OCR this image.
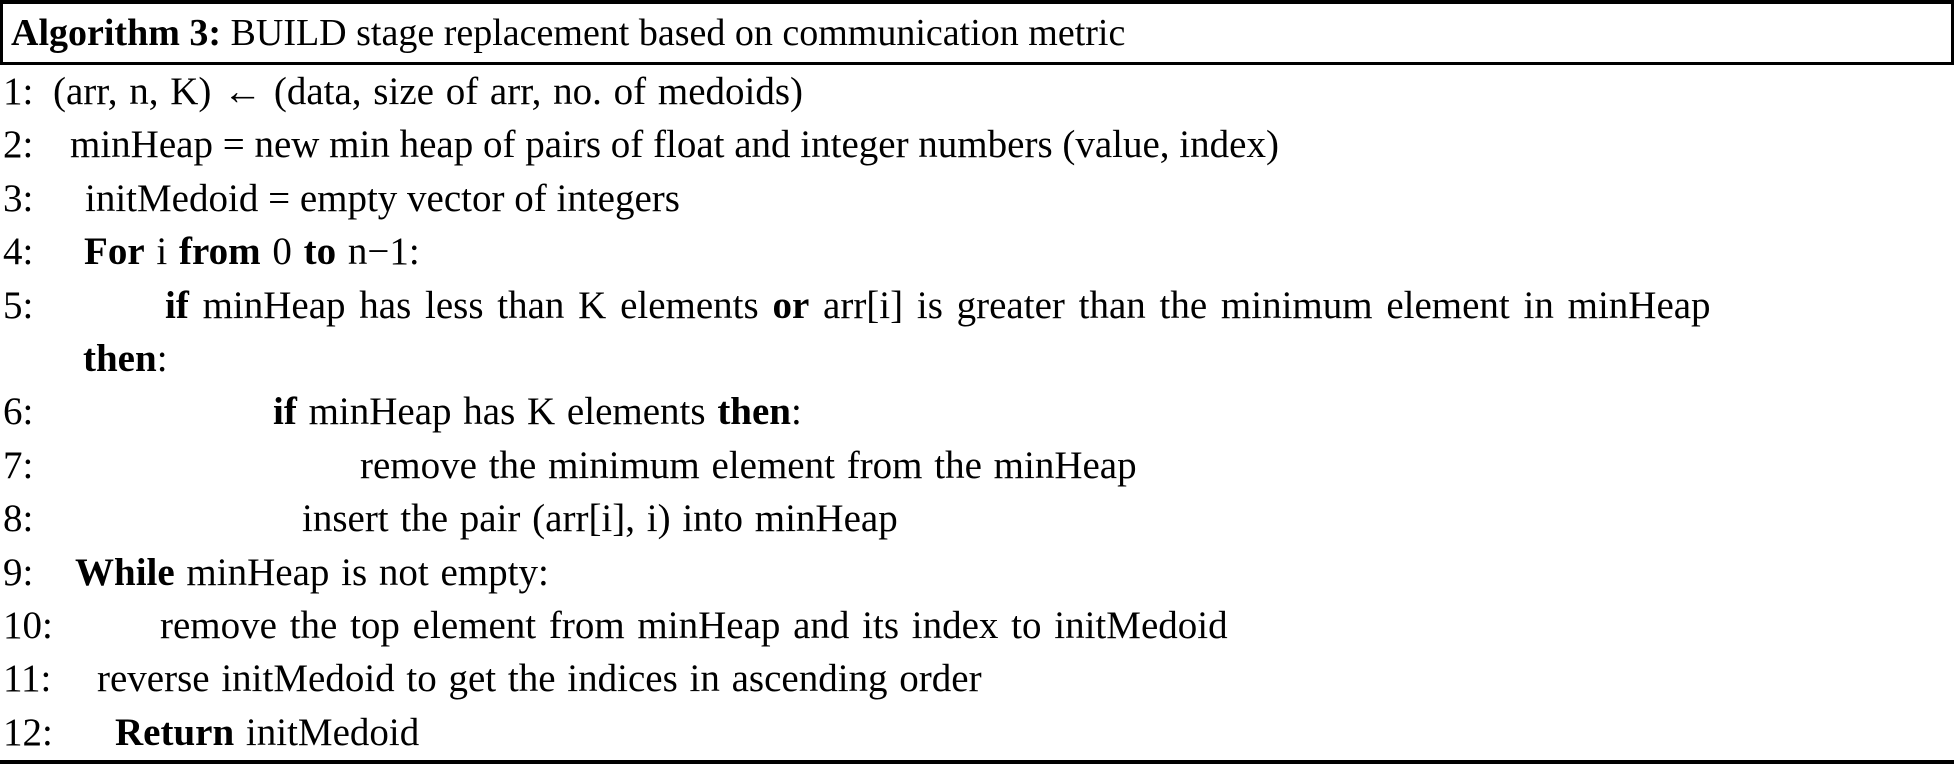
Algorithm 3: BUILD stage replacement based on communication metric
1: (arr, n, K) ← (data, size of arr, no. of medoids)
2: minHeap = new min heap of pairs of float and integer numbers (value, index)
3: initMedoid = empty vector of integers
4: For i from 0 to n−1:
5:	if minHeap has less than K elements or arr[i] is greater than the minimum element in minHeap
then:
6:	if minHeap has K elements then:
7:	remove the minimum element from the minHeap
8:	insert the pair (arr[i], i) into minHeap
9: While minHeap is not empty:
10:	remove the top element from minHeap and its index to initMedoid
11: reverse initMedoid to get the indices in ascending order
12: Return initMedoid
